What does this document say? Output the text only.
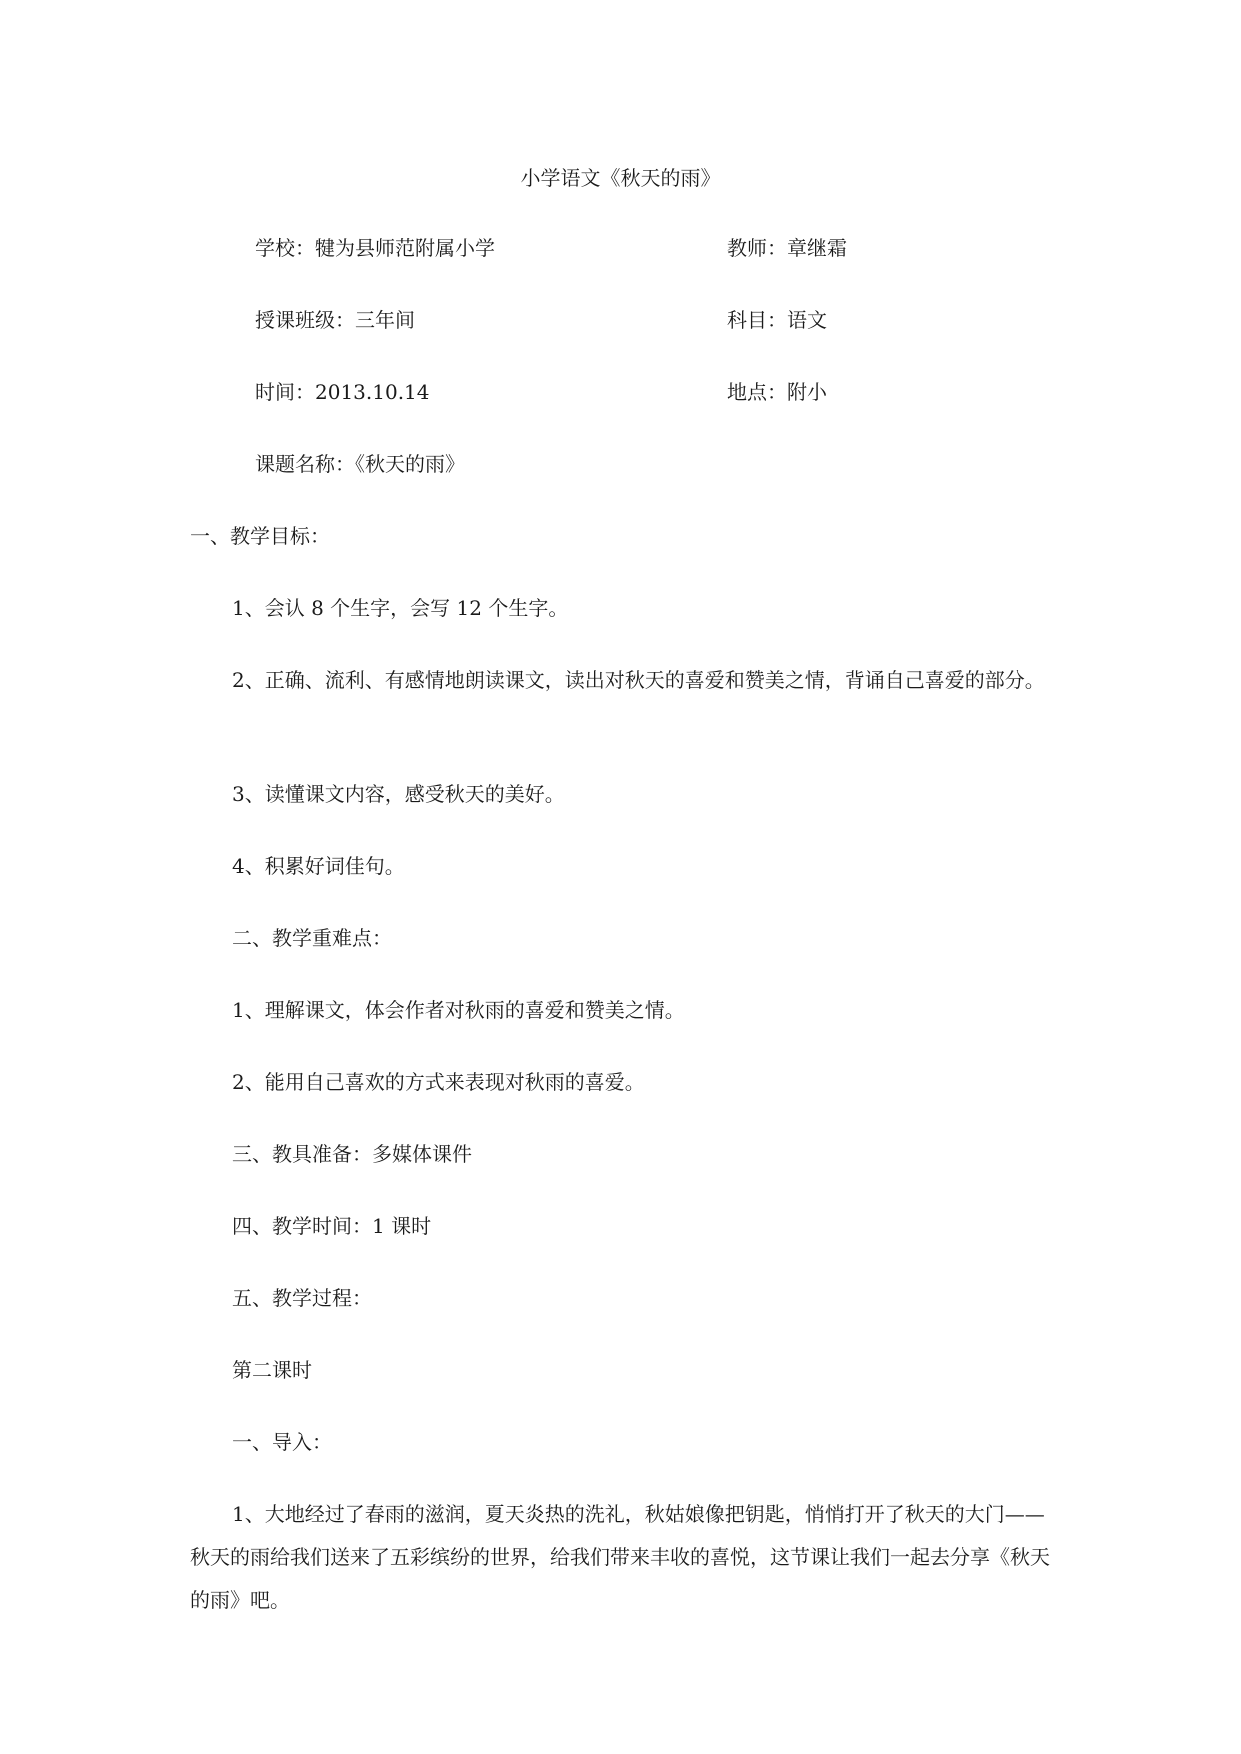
小学语文《秋天的雨》
学校：犍为县师范附属小学	教师：章继霜
授课班级：三年间	科目：语文
时间：2013.10.14	地点：附小
课题名称：《秋天的雨》
一、教学目标：
1、会认 8 个生字，会写 12 个生字。
2、正确、流利、有感情地朗读课文，读出对秋天的喜爱和赞美之情，背诵自己喜爱的部分。
3、读懂课文内容，感受秋天的美好。
4、积累好词佳句。
二、教学重难点：
1、理解课文，体会作者对秋雨的喜爱和赞美之情。
2、能用自己喜欢的方式来表现对秋雨的喜爱。
三、教具准备：多媒体课件
四、教学时间：1 课时
五、教学过程：
第二课时
一、导入：
1、大地经过了春雨的滋润，夏天炎热的洗礼，秋姑娘像把钥匙，悄悄打开了秋天的大门——秋天的雨给我们送来了五彩缤纷的世界，给我们带来丰收的喜悦，这节课让我们一起去分享《秋天的雨》吧。
